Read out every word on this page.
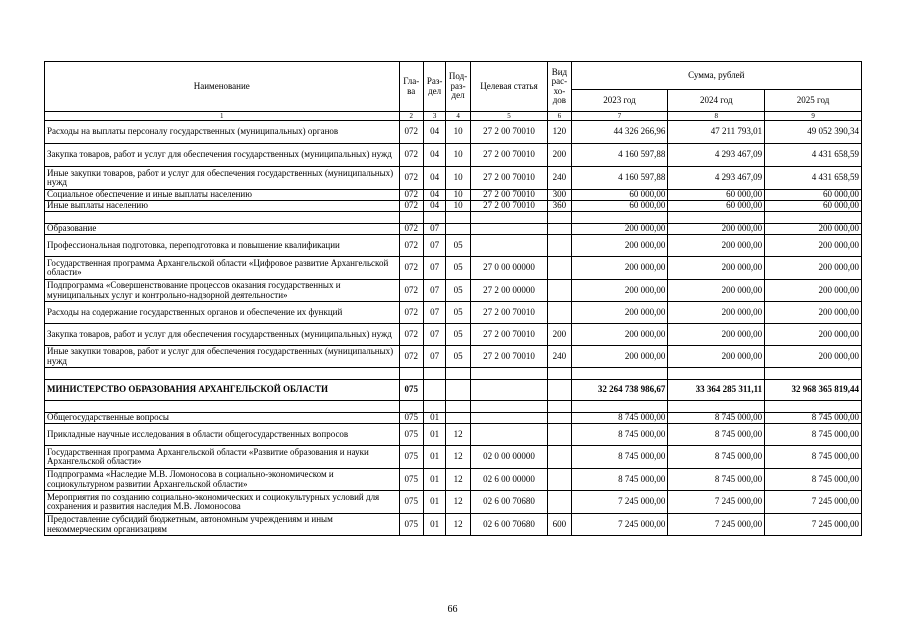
Наименование	Гла-ва	Раз-дел	Под-раз-дел	Целевая статья	Вид рас-хо-дов	Сумма, рублей		
						2023 год	2024 год	2025 год
1	2	3	4	5	6	7	8	9
Расходы на выплаты персоналу государственных (муниципальных) органов	072	04	10	27 2 00 70010	120	44 326 266,96	47 211 793,01	49 052 390,34
Закупка товаров, работ и услуг для обеспечения государственных (муниципальных) нужд	072	04	10	27 2 00 70010	200	4 160 597,88	4 293 467,09	4 431 658,59
Иные закупки товаров, работ и услуг для обеспечения государственных (муниципальных) нужд	072	04	10	27 2 00 70010	240	4 160 597,88	4 293 467,09	4 431 658,59
Социальное обеспечение и иные выплаты населению	072	04	10	27 2 00 70010	300	60 000,00	60 000,00	60 000,00
Иные выплаты населению	072	04	10	27 2 00 70010	360	60 000,00	60 000,00	60 000,00

Образование	072	07				200 000,00	200 000,00	200 000,00
Профессиональная подготовка, переподготовка и повышение квалификации	072	07	05			200 000,00	200 000,00	200 000,00
Государственная программа Архангельской области «Цифровое развитие Архангельской области»	072	07	05	27 0 00 00000		200 000,00	200 000,00	200 000,00
Подпрограмма «Совершенствование процессов оказания государственных и муниципальных услуг и контрольно-надзорной деятельности»	072	07	05	27 2 00 00000		200 000,00	200 000,00	200 000,00
Расходы на содержание государственных органов и обеспечение их функций	072	07	05	27 2 00 70010		200 000,00	200 000,00	200 000,00
Закупка товаров, работ и услуг для обеспечения государственных (муниципальных) нужд	072	07	05	27 2 00 70010	200	200 000,00	200 000,00	200 000,00
Иные закупки товаров, работ и услуг для обеспечения государственных (муниципальных) нужд	072	07	05	27 2 00 70010	240	200 000,00	200 000,00	200 000,00

МИНИСТЕРСТВО ОБРАЗОВАНИЯ АРХАНГЕЛЬСКОЙ ОБЛАСТИ	075					32 264 738 986,67	33 364 285 311,11	32 968 365 819,44

Общегосударственные вопросы	075	01				8 745 000,00	8 745 000,00	8 745 000,00
Прикладные научные исследования в области общегосударственных вопросов	075	01	12			8 745 000,00	8 745 000,00	8 745 000,00
Государственная программа Архангельской области «Развитие образования и науки Архангельской области»	075	01	12	02 0 00 00000		8 745 000,00	8 745 000,00	8 745 000,00
Подпрограмма «Наследие М.В. Ломоносова в социально-экономическом и социокультурном развитии Архангельской области»	075	01	12	02 6 00 00000		8 745 000,00	8 745 000,00	8 745 000,00
Мероприятия по созданию социально-экономических и социокультурных условий для сохранения и развития наследия М.В. Ломоносова	075	01	12	02 6 00 70680		7 245 000,00	7 245 000,00	7 245 000,00
Предоставление субсидий бюджетным, автономным учреждениям и иным некоммерческим организациям	075	01	12	02 6 00 70680	600	7 245 000,00	7 245 000,00	7 245 000,00
66
